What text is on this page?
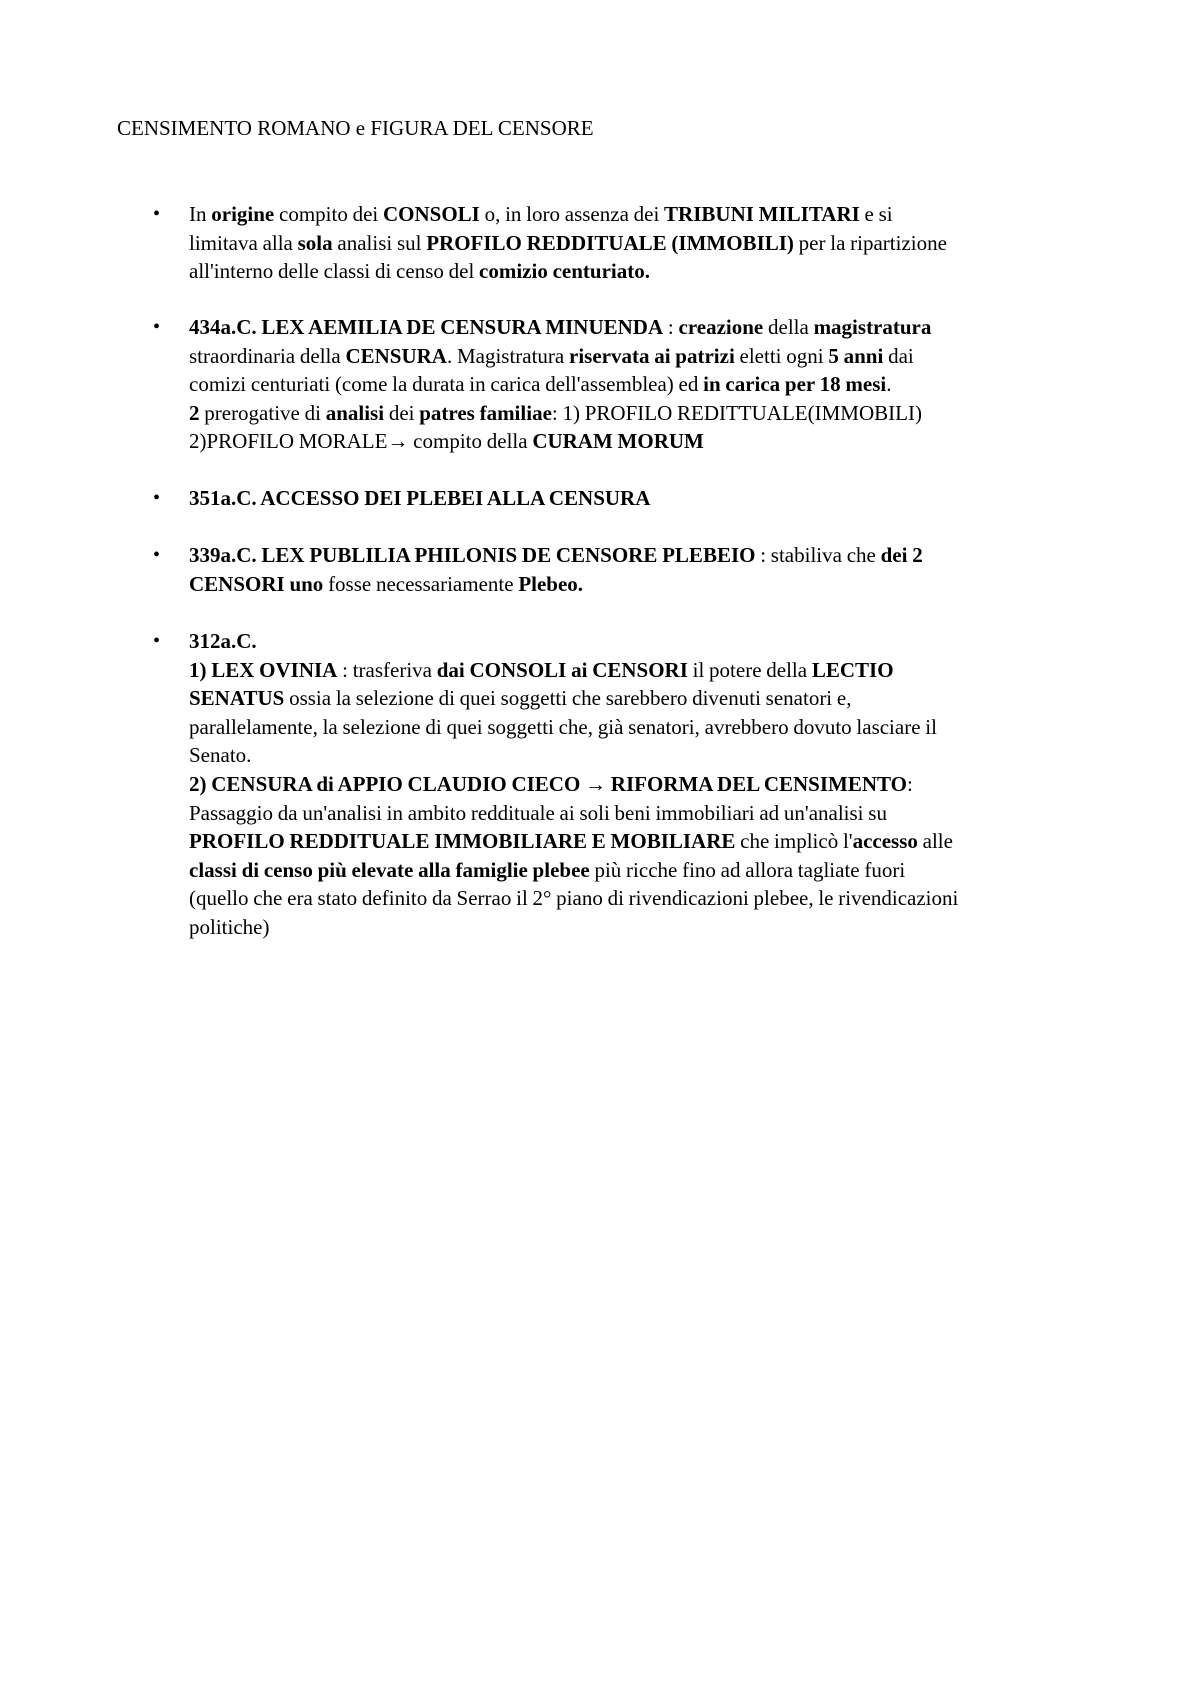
CENSIMENTO ROMANO e FIGURA DEL CENSORE
• In origine compito dei CONSOLI o, in loro assenza dei TRIBUNI MILITARI e si
limitava alla sola analisi sul PROFILO REDDITUALE (IMMOBILI) per la ripartizione
all'interno delle classi di censo del comizio centuriato.
• 434a.C. LEX AEMILIA DE CENSURA MINUENDA : creazione della magistratura
straordinaria della CENSURA. Magistratura riservata ai patrizi eletti ogni 5 anni dai
comizi centuriati (come la durata in carica dell'assemblea) ed in carica per 18 mesi.
2 prerogative di analisi dei patres familiae: 1) PROFILO REDITTUALE(IMMOBILI)
2)PROFILO MORALE→ compito della CURAM MORUM
• 351a.C. ACCESSO DEI PLEBEI ALLA CENSURA
• 339a.C. LEX PUBLILIA PHILONIS DE CENSORE PLEBEIO : stabiliva che dei 2
CENSORI uno fosse necessariamente Plebeo.
• 312a.C.
1) LEX OVINIA : trasferiva dai CONSOLI ai CENSORI il potere della LECTIO
SENATUS ossia la selezione di quei soggetti che sarebbero divenuti senatori e,
parallelamente, la selezione di quei soggetti che, già senatori, avrebbero dovuto lasciare il
Senato.
2) CENSURA di APPIO CLAUDIO CIECO → RIFORMA DEL CENSIMENTO:
Passaggio da un'analisi in ambito reddituale ai soli beni immobiliari ad un'analisi su
PROFILO REDDITUALE IMMOBILIARE E MOBILIARE che implicò l'accesso alle
classi di censo più elevate alla famiglie plebee più ricche fino ad allora tagliate fuori
(quello che era stato definito da Serrao il 2° piano di rivendicazioni plebee, le rivendicazioni
politiche)
